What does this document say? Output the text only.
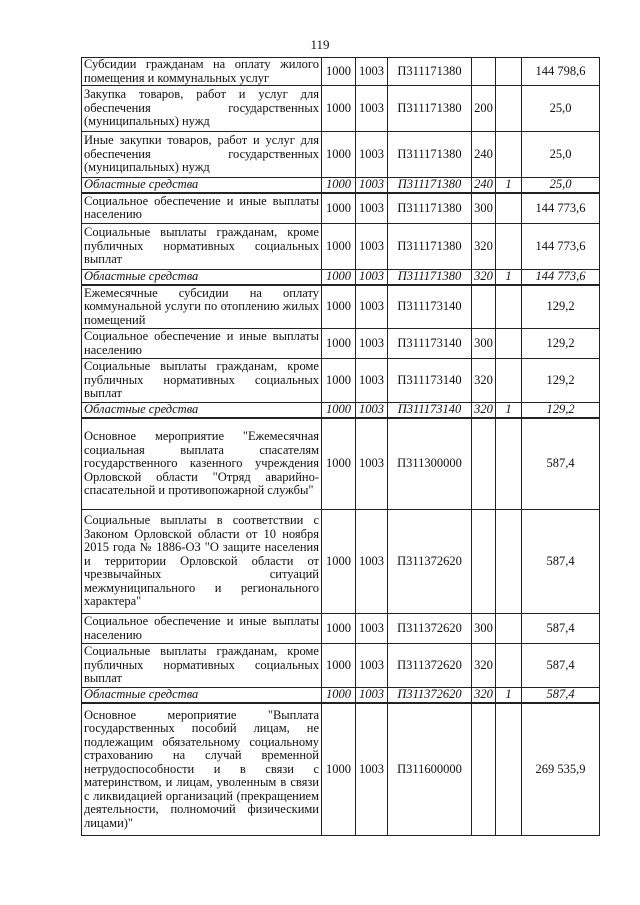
119
Субсидии гражданам на оплату жилого помещения и коммунальных услуг	1000	1003	П311171380			144 798,6
Закупка товаров, работ и услуг для обеспечения государственных (муниципальных) нужд	1000	1003	П311171380	200		25,0
Иные закупки товаров, работ и услуг для обеспечения государственных (муниципальных) нужд	1000	1003	П311171380	240		25,0
Областные средства	1000	1003	П311171380	240	1	25,0
Социальное обеспечение и иные выплаты населению	1000	1003	П311171380	300		144 773,6
Социальные выплаты гражданам, кроме публичных нормативных социальных выплат	1000	1003	П311171380	320		144 773,6
Областные средства	1000	1003	П311171380	320	1	144 773,6
Ежемесячные субсидии на оплату коммунальной услуги по отоплению жилых помещений	1000	1003	П311173140			129,2
Социальное обеспечение и иные выплаты населению	1000	1003	П311173140	300		129,2
Социальные выплаты гражданам, кроме публичных нормативных социальных выплат	1000	1003	П311173140	320		129,2
Областные средства	1000	1003	П311173140	320	1	129,2
Основное мероприятие "Ежемесячная социальная выплата спасателям государственного казенного учреждения Орловской области "Отряд аварийно-спасательной и противопожарной службы"	1000	1003	П311300000			587,4
Социальные выплаты в соответствии с Законом Орловской области от 10 ноября 2015 года № 1886-ОЗ "О защите населения и территории Орловской области от чрезвычайных ситуаций межмуниципального и регионального характера"	1000	1003	П311372620			587,4
Социальное обеспечение и иные выплаты населению	1000	1003	П311372620	300		587,4
Социальные выплаты гражданам, кроме публичных нормативных социальных выплат	1000	1003	П311372620	320		587,4
Областные средства	1000	1003	П311372620	320	1	587,4
Основное мероприятие "Выплата государственных пособий лицам, не подлежащим обязательному социальному страхованию на случай временной нетрудоспособности и в связи с материнством, и лицам, уволенным в связи с ликвидацией организаций (прекращением деятельности, полномочий физическими лицами)"	1000	1003	П311600000			269 535,9
